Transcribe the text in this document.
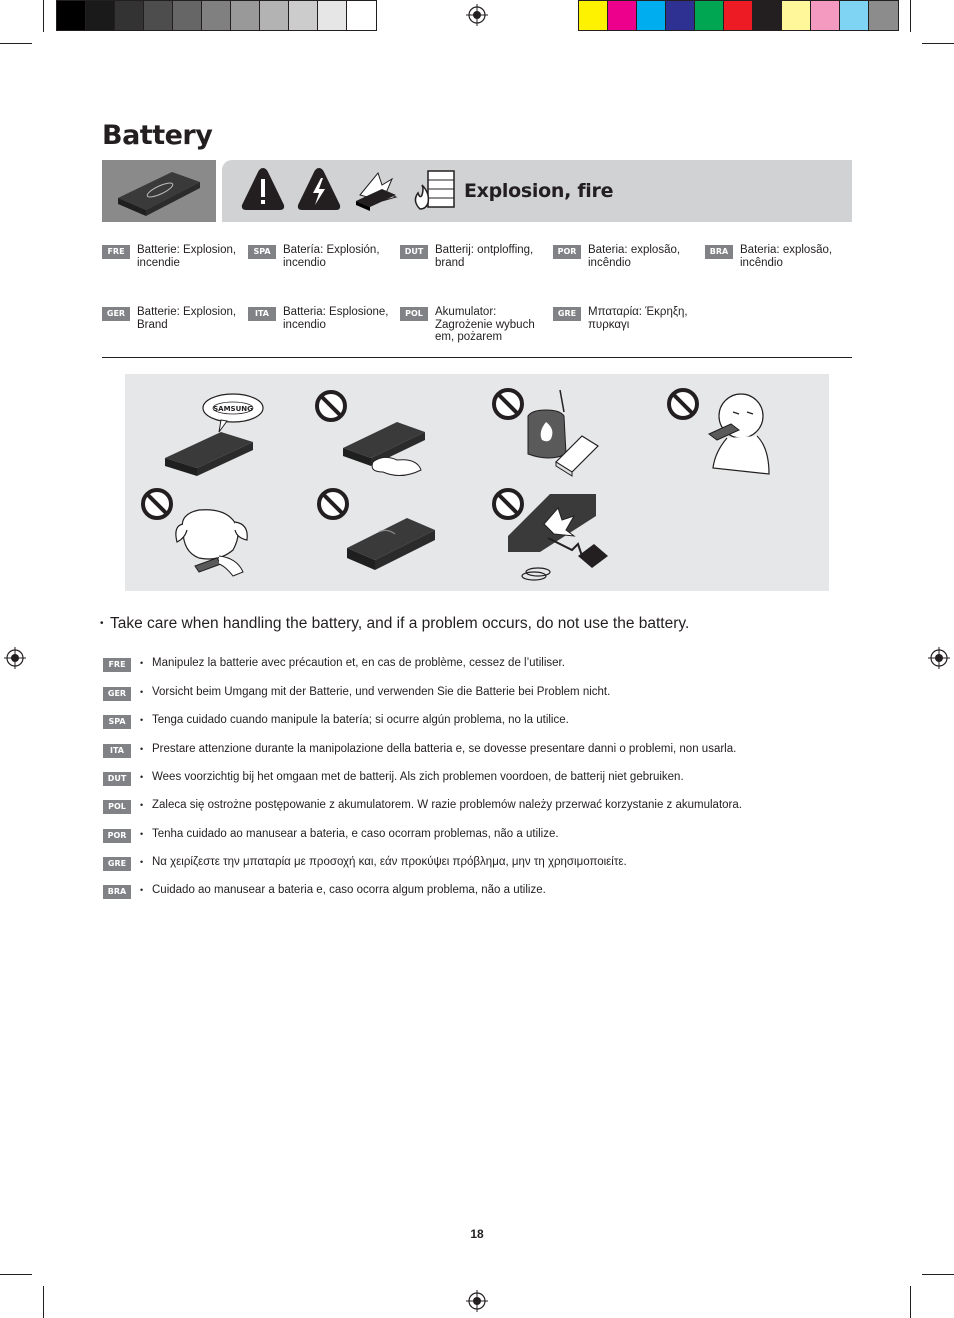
Battery
Explosion, fire
FRE	Batterie: Explosion,
incendie
SPA	Batería: Explosión,
incendio
DUT	Batterij: ontploffing,
brand
POR	Bateria: explosão,
incêndio
BRA	Bateria: explosão,
incêndio
GER	Batterie: Explosion,
Brand
ITA	Batteria: Esplosione,
incendio
POL	Akumulator:
Zagrożenie wybuch
em, pożarem
GRE	Μπαταρία: Έκρηξη,
πυρκαγι
SAMSUNG
• Take care when handling the battery, and if a problem occurs, do not use the battery.
FRE	• Manipulez la batterie avec précaution et, en cas de problème, cessez de l’utiliser.
GER	• Vorsicht beim Umgang mit der Batterie, und verwenden Sie die Batterie bei Problem nicht.
SPA	• Tenga cuidado cuando manipule la batería; si ocurre algún problema, no la utilice.
ITA	• Prestare attenzione durante la manipolazione della batteria e, se dovesse presentare danni o problemi, non usarla.
DUT	• Wees voorzichtig bij het omgaan met de batterij. Als zich problemen voordoen, de batterij niet gebruiken.
POL	• Zaleca się ostrożne postępowanie z akumulatorem. W razie problemów należy przerwać korzystanie z akumulatora.
POR	• Tenha cuidado ao manusear a bateria, e caso ocorram problemas, não a utilize.
GRE	• Να χειρίζεστε την μπαταρία με προσοχή και, εάν προκύψει πρόβλημα, μην τη χρησιμοποιείτε.
BRA	• Cuidado ao manusear a bateria e, caso ocorra algum problema, não a utilize.
18
